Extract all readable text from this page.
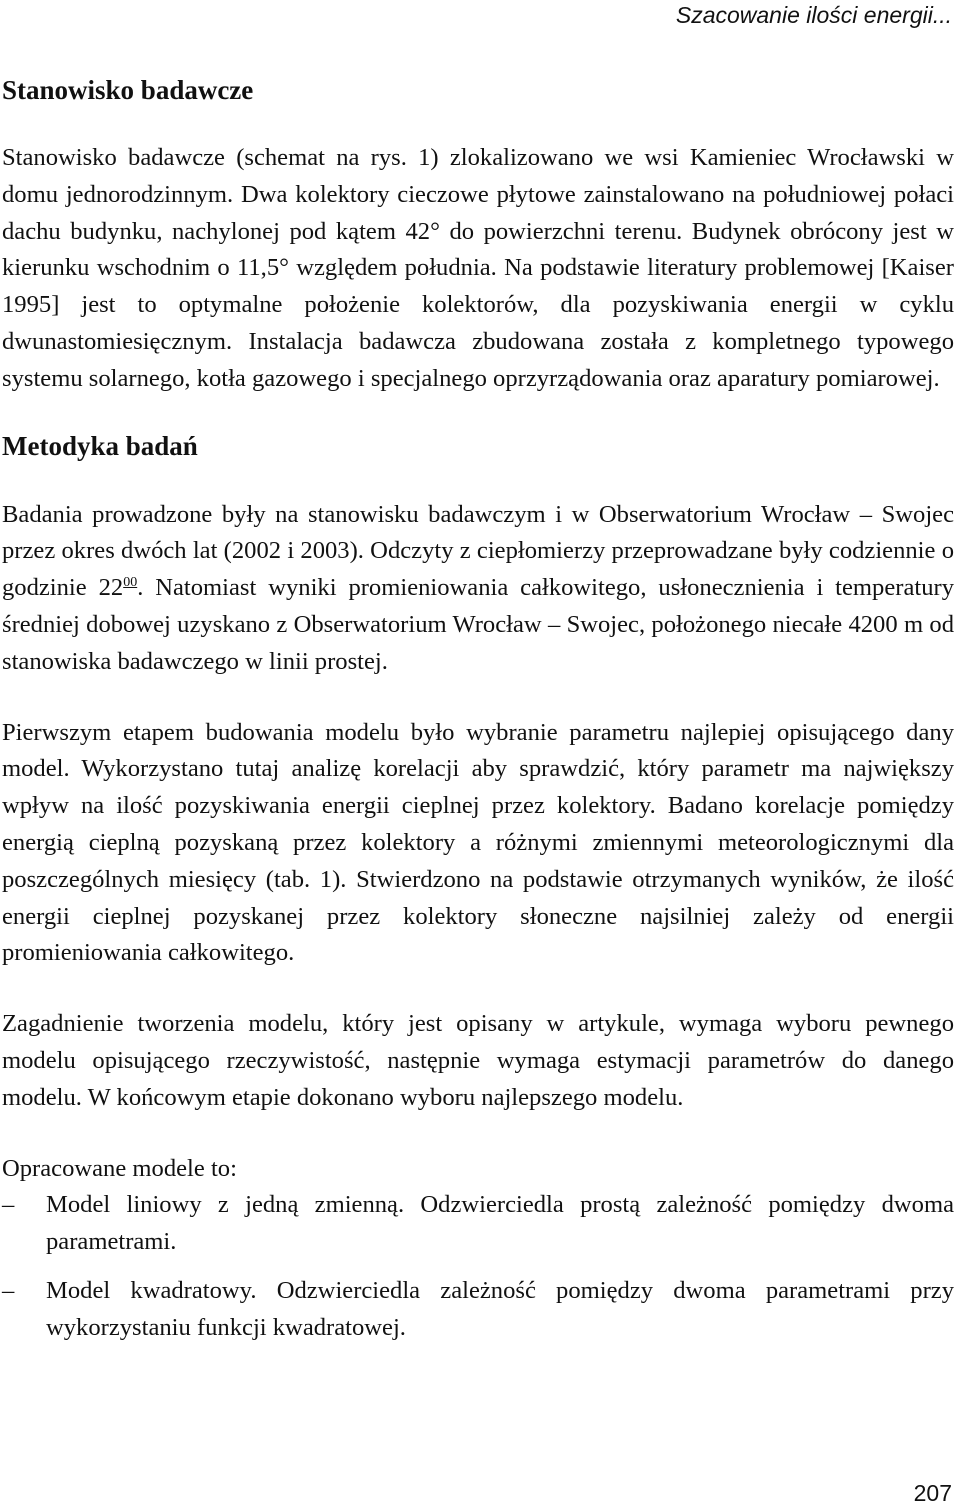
Szacowanie ilości energii...
Stanowisko badawcze

Stanowisko badawcze (schemat na rys. 1) zlokalizowano we wsi Kamieniec Wrocławski w domu jednorodzinnym. Dwa kolektory cieczowe płytowe zainstalowano na południowej połaci dachu budynku, nachylonej pod kątem 42° do powierzchni terenu. Budynek obrócony jest w kierunku wschodnim o 11,5° względem południa. Na podstawie literatury problemowej [Kaiser 1995] jest to optymalne położenie kolektorów, dla pozyskiwania energii w cyklu dwunastomiesięcznym. Instalacja badawcza zbudowana została z kompletnego typowego systemu solarnego, kotła gazowego i specjalnego oprzyrządowania oraz aparatury pomiarowej.

Metodyka badań

Badania prowadzone były na stanowisku badawczym i w Obserwatorium Wrocław – Swojec przez okres dwóch lat (2002 i 2003). Odczyty z ciepłomierzy przeprowadzane były codziennie o godzinie $22^{00}$. Natomiast wyniki promieniowania całkowitego, usłonecznienia i temperatury średniej dobowej uzyskano z Obserwatorium Wrocław – Swojec, położonego niecałe 4200 m od stanowiska badawczego w linii prostej.

Pierwszym etapem budowania modelu było wybranie parametru najlepiej opisującego dany model. Wykorzystano tutaj analizę korelacji aby sprawdzić, który parametr ma największy wpływ na ilość pozyskiwania energii cieplnej przez kolektory. Badano korelacje pomiędzy energią cieplną pozyskaną przez kolektory a różnymi zmiennymi meteorologicznymi dla poszczególnych miesięcy (tab. 1). Stwierdzono na podstawie otrzymanych wyników, że ilość energii cieplnej pozyskanej przez kolektory słoneczne najsilniej zależy od energii promieniowania całkowitego.

Zagadnienie tworzenia modelu, który jest opisany w artykule, wymaga wyboru pewnego modelu opisującego rzeczywistość, następnie wymaga estymacji parametrów do danego modelu. W końcowym etapie dokonano wyboru najlepszego modelu.

Opracowane modele to:

– Model liniowy z jedną zmienną. Odzwierciedla prostą zależność pomiędzy dwoma parametrami.
– Model kwadratowy. Odzwierciedla zależność pomiędzy dwoma parametrami przy wykorzystaniu funkcji kwadratowej.
207
